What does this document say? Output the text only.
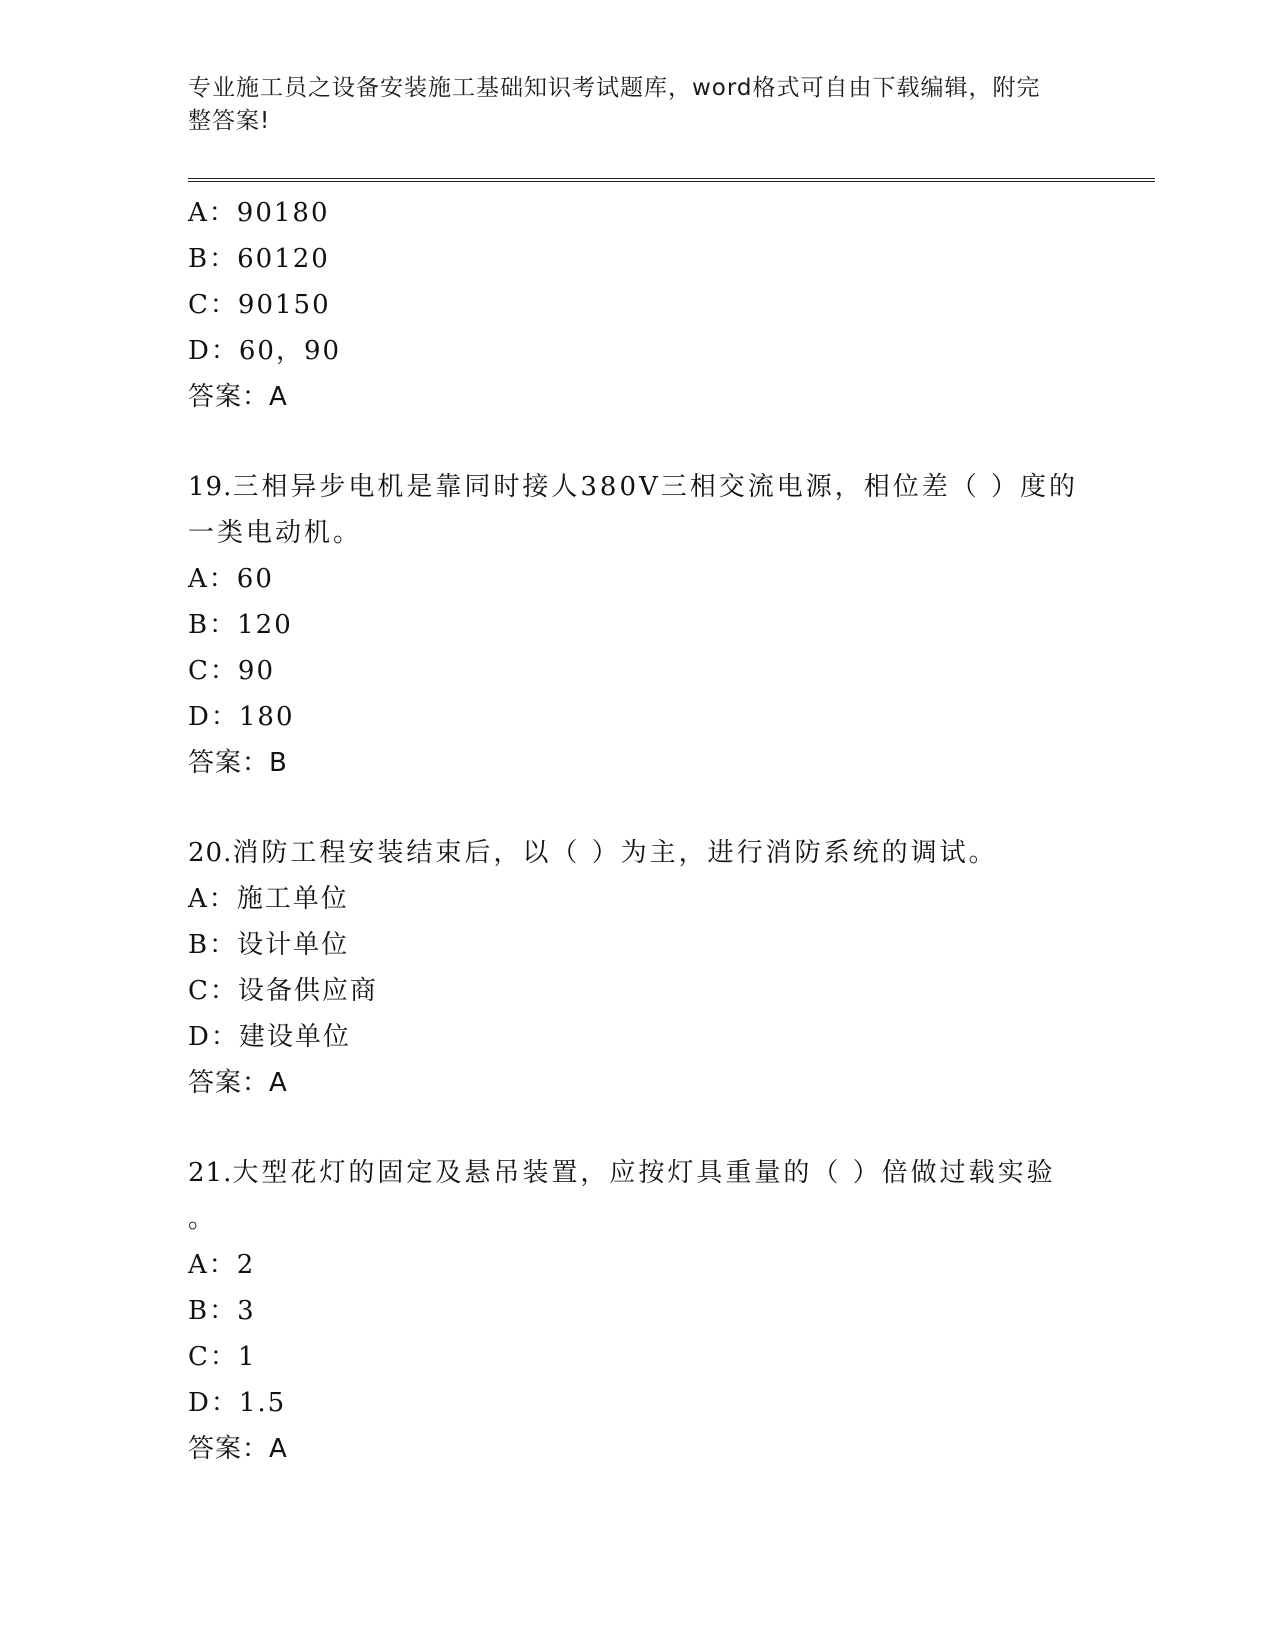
专业施工员之设备安装施工基础知识考试题库，word格式可自由下载编辑，附完
整答案!
A：90180
B：60120
C：90150
D：60，90
答案：A
19.三相异步电机是靠同时接人380V三相交流电源，相位差（ ）度的
一类电动机。
A：60
B：120
C：90
D：180
答案：B
20.消防工程安装结束后，以（ ）为主，进行消防系统的调试。
A：施工单位
B：设计单位
C：设备供应商
D：建设单位
答案：A
21.大型花灯的固定及悬吊装置，应按灯具重量的（ ）倍做过载实验
。
A：2
B：3
C：1
D：1.5
答案：A
